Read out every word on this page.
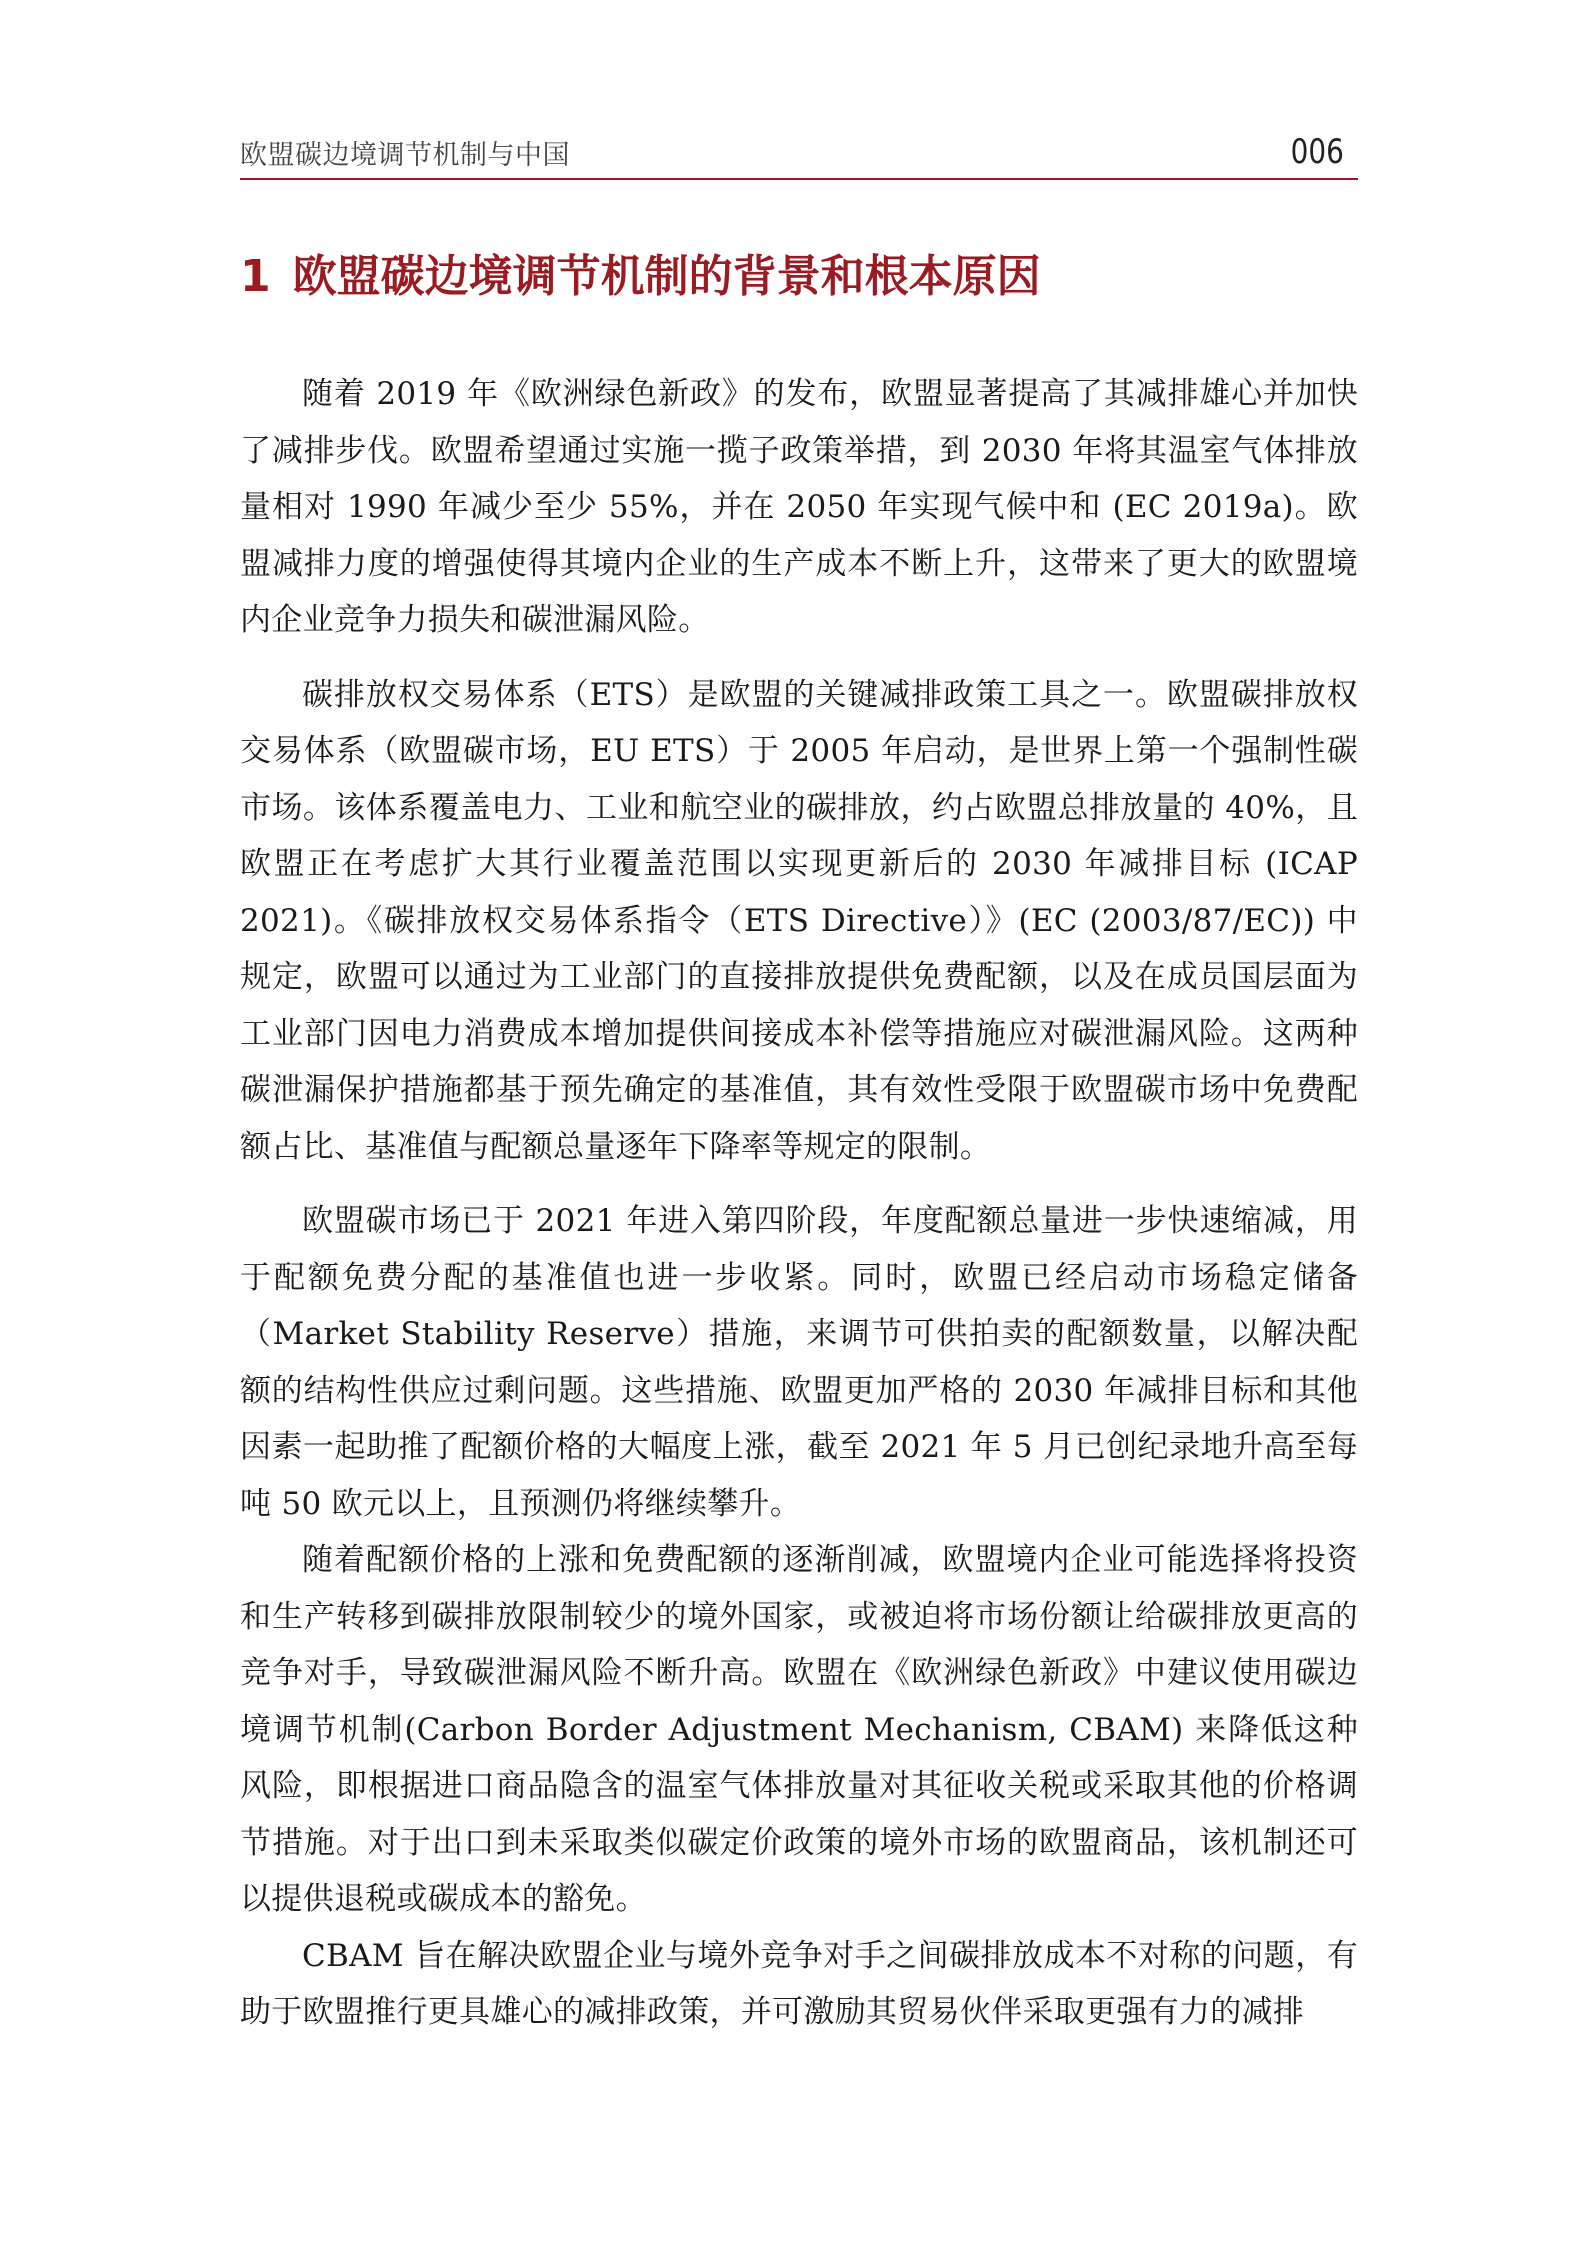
欧盟碳边境调节机制与中国	006
1 欧盟碳边境调节机制的背景和根本原因

随着 2019 年《欧洲绿色新政》的发布，欧盟显著提高了其减排雄心并加快了减排步伐。欧盟希望通过实施一揽子政策举措，到 2030 年将其温室气体排放量相对 1990 年减少至少 55%，并在 2050 年实现气候中和 (EC 2019a)。欧盟减排力度的增强使得其境内企业的生产成本不断上升，这带来了更大的欧盟境内企业竞争力损失和碳泄漏风险。

碳排放权交易体系（ETS）是欧盟的关键减排政策工具之一。欧盟碳排放权交易体系（欧盟碳市场，EU ETS）于 2005 年启动，是世界上第一个强制性碳市场。该体系覆盖电力、工业和航空业的碳排放，约占欧盟总排放量的 40%，且欧盟正在考虑扩大其行业覆盖范围以实现更新后的 2030 年减排目标 (ICAP 2021)。《碳排放权交易体系指令（ETS Directive）》(EC (2003/87/EC)) 中规定，欧盟可以通过为工业部门的直接排放提供免费配额，以及在成员国层面为工业部门因电力消费成本增加提供间接成本补偿等措施应对碳泄漏风险。这两种碳泄漏保护措施都基于预先确定的基准值，其有效性受限于欧盟碳市场中免费配额占比、基准值与配额总量逐年下降率等规定的限制。

欧盟碳市场已于 2021 年进入第四阶段，年度配额总量进一步快速缩减，用于配额免费分配的基准值也进一步收紧。同时，欧盟已经启动市场稳定储备（Market Stability Reserve）措施，来调节可供拍卖的配额数量，以解决配额的结构性供应过剩问题。这些措施、欧盟更加严格的 2030 年减排目标和其他因素一起助推了配额价格的大幅度上涨，截至 2021 年 5 月已创纪录地升高至每吨 50 欧元以上，且预测仍将继续攀升。

随着配额价格的上涨和免费配额的逐渐削减，欧盟境内企业可能选择将投资和生产转移到碳排放限制较少的境外国家，或被迫将市场份额让给碳排放更高的竞争对手，导致碳泄漏风险不断升高。欧盟在《欧洲绿色新政》中建议使用碳边境调节机制(Carbon Border Adjustment Mechanism, CBAM) 来降低这种风险，即根据进口商品隐含的温室气体排放量对其征收关税或采取其他的价格调节措施。对于出口到未采取类似碳定价政策的境外市场的欧盟商品，该机制还可以提供退税或碳成本的豁免。

CBAM 旨在解决欧盟企业与境外竞争对手之间碳排放成本不对称的问题，有助于欧盟推行更具雄心的减排政策，并可激励其贸易伙伴采取更强有力的减排
